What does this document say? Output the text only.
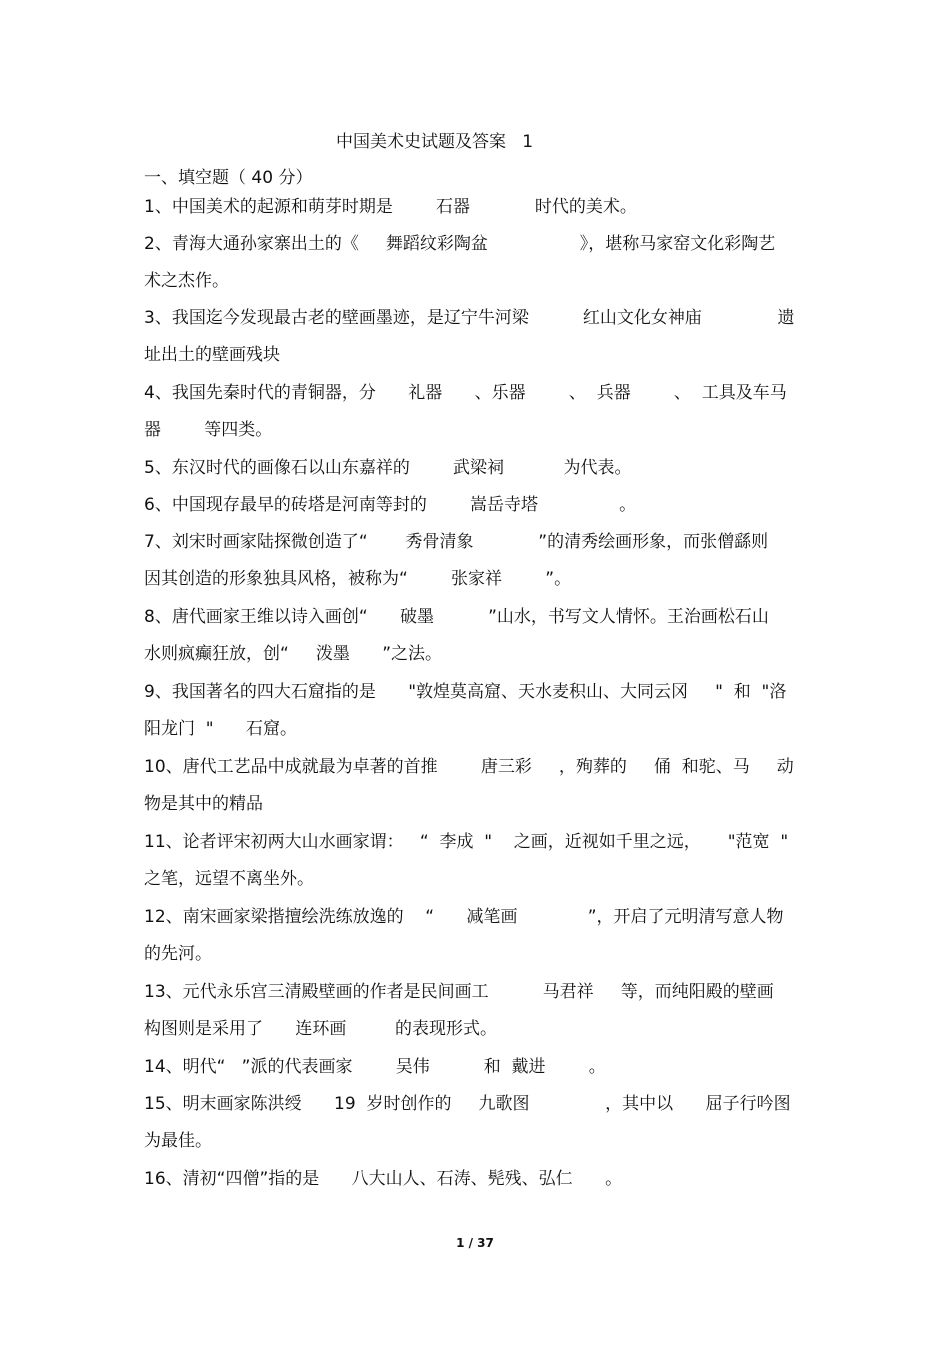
中国美术史试题及答案   1
一、填空题（ 40 分）
1、中国美术的起源和萌芽时期是        石器            时代的美术。
2、青海大通孙家寨出土的《     舞蹈纹彩陶盆                 》，堪称马家窑文化彩陶艺
术之杰作。
3、我国迄今发现最古老的壁画墨迹，是辽宁牛河梁          红山文化女神庙              遗
址出土的壁画残块
4、我国先秦时代的青铜器，分      礼器      、乐器        、  兵器        、  工具及车马
器        等四类。
5、东汉时代的画像石以山东嘉祥的        武梁祠           为代表。
6、中国现存最早的砖塔是河南等封的        嵩岳寺塔               。
7、刘宋时画家陆探微创造了“       秀骨清象            ”的清秀绘画形象，而张僧繇则
因其创造的形象独具风格，被称为“        张家祥        ”。
8、唐代画家王维以诗入画创“      破墨          ”山水，书写文人情怀。王治画松石山
水则疯癫狂放，创“     泼墨      ”之法。
9、我国著名的四大石窟指的是      "敦煌莫高窟、天水麦积山、大同云冈     "  和  "洛
阳龙门  "      石窟。
10、唐代工艺品中成就最为卓著的首推        唐三彩     ，殉葬的     俑  和驼、马     动
物是其中的精品
11、论者评宋初两大山水画家谓：   “  李成  "    之画，近视如千里之远，     "范宽  "
之笔，远望不离坐外。
12、南宋画家梁揩擅绘洗练放逸的    “      减笔画             ”，开启了元明清写意人物
的先河。
13、元代永乐宫三清殿壁画的作者是民间画工          马君祥     等，而纯阳殿的壁画
构图则是采用了      连环画         的表现形式。
14、明代“   ”派的代表画家        吴伟          和  戴进        。
15、明末画家陈洪绶      19  岁时创作的     九歌图              ，其中以      屈子行吟图
为最佳。
16、清初“四僧”指的是      八大山人、石涛、髡残、弘仁      。
1 / 37
